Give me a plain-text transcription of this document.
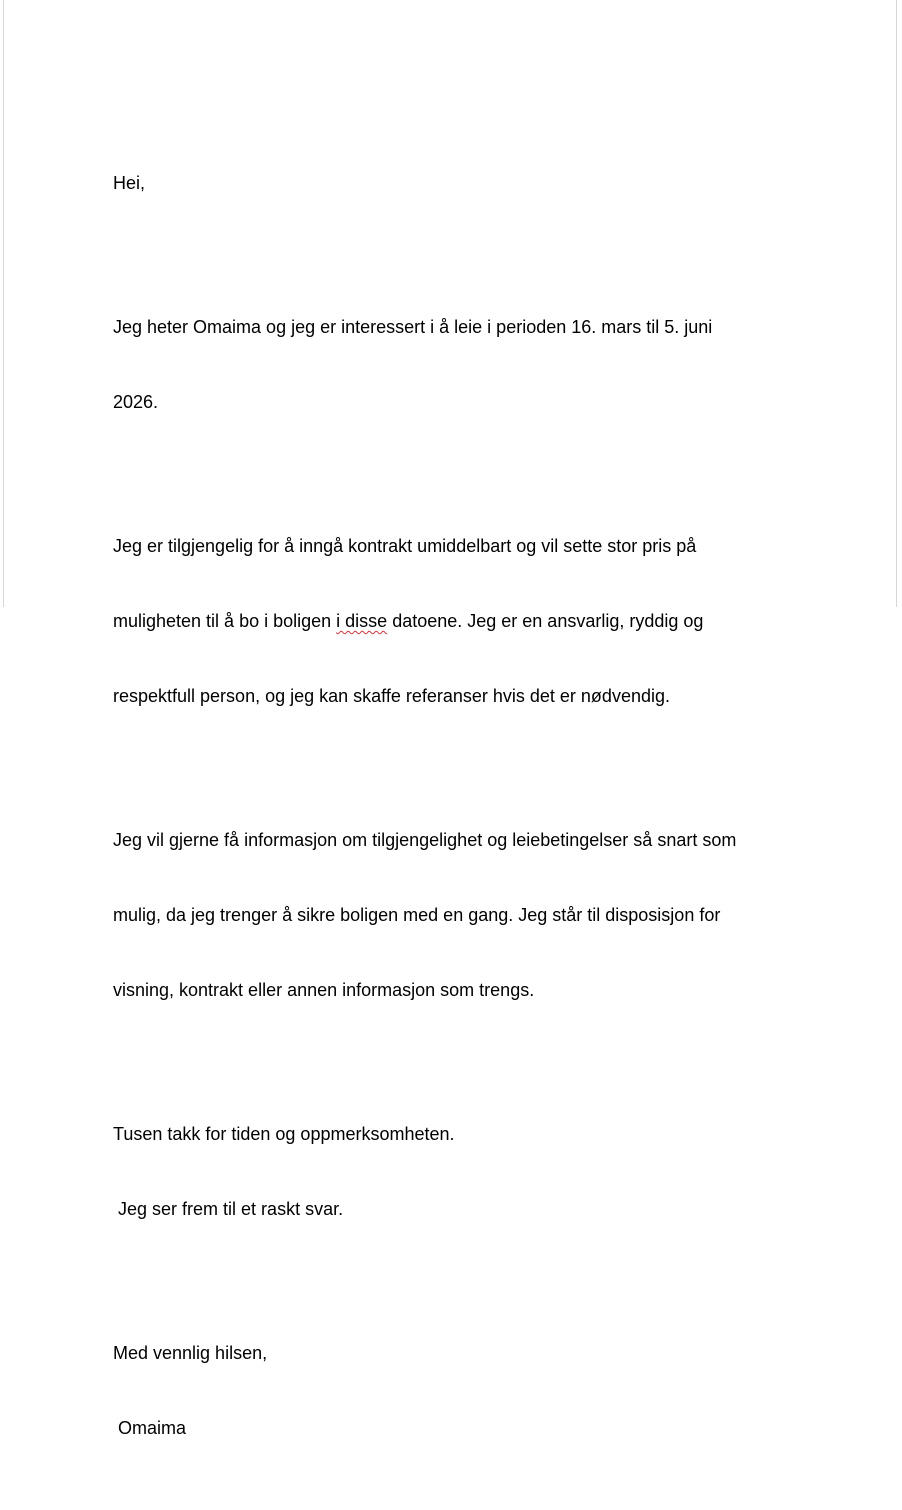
Hei,

Jeg heter Omaima og jeg er interessert i å leie i perioden 16. mars til 5. juni

2026.

Jeg er tilgjengelig for å inngå kontrakt umiddelbart og vil sette stor pris på

muligheten til å bo i boligen i disse datoene. Jeg er en ansvarlig, ryddig og

respektfull person, og jeg kan skaffe referanser hvis det er nødvendig.

Jeg vil gjerne få informasjon om tilgjengelighet og leiebetingelser så snart som

mulig, da jeg trenger å sikre boligen med en gang. Jeg står til disposisjon for

visning, kontrakt eller annen informasjon som trengs.

Tusen takk for tiden og oppmerksomheten.

Jeg ser frem til et raskt svar.

Med vennlig hilsen,

Omaima
